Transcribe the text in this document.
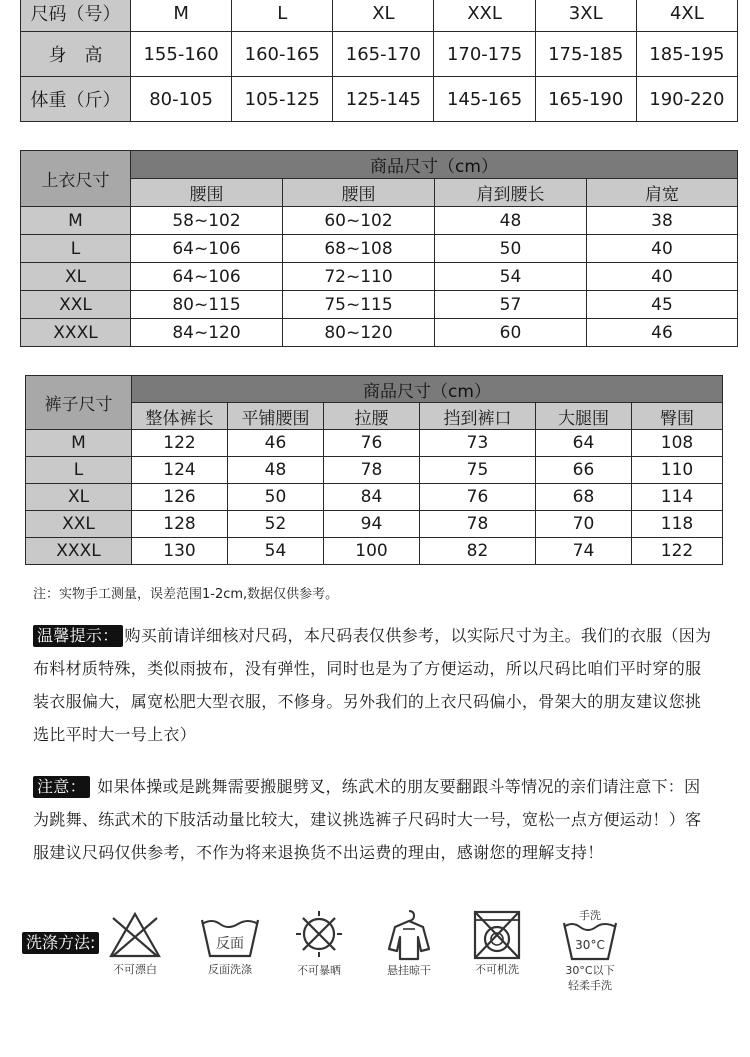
尺码（号）	M	L	XL	XXL	3XL	4XL
身　高	155-160	160-165	165-170	170-175	175-185	185-195
体重（斤）	80-105	105-125	125-145	145-165	165-190	190-220
上衣尺寸	商品尺寸（cm）			
	腰围	腰围	肩到腰长	肩宽
M	58~102	60~102	48	38
L	64~106	68~108	50	40
XL	64~106	72~110	54	40
XXL	80~115	75~115	57	45
XXXL	84~120	80~120	60	46
裤子尺寸	商品尺寸（cm）					
	整体裤长	平铺腰围	拉腰	挡到裤口	大腿围	臀围
M	122	46	76	73	64	108
L	124	48	78	75	66	110
XL	126	50	84	76	68	114
XXL	128	52	94	78	70	118
XXXL	130	54	100	82	74	122
注：实物手工测量，误差范围1-2cm,数据仅供参考。
温馨提示： 购买前请详细核对尺码，本尺码表仅供参考，以实际尺寸为主。我们的衣服（因为布料材质特殊，类似雨披布，没有弹性，同时也是为了方便运动，所以尺码比咱们平时穿的服装衣服偏大，属宽松肥大型衣服，不修身。另外我们的上衣尺码偏小，骨架大的朋友建议您挑选比平时大一号上衣）
注意： 如果体操或是跳舞需要搬腿劈叉，练武术的朋友要翻跟斗等情况的亲们请注意下：因为跳舞、练武术的下肢活动量比较大，建议挑选裤子尺码时大一号，宽松一点方便运动！）客服建议尺码仅供参考，不作为将来退换货不出运费的理由，感谢您的理解支持！
洗涤方法:
不可漂白
反面
反面洗涤	不可暴晒	悬挂晾干	不可机洗
手洗
30°C
30°C以下
轻柔手洗
